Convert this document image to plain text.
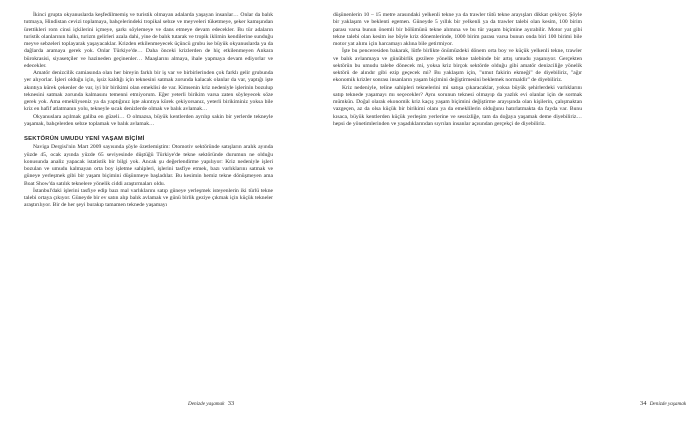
İkinci grupta okyanuslarda keşfedilmemiş ve turistik olmayan adalarda yaşayan insanlar… Onlar da balık tutmaya, Hindistan cevizi toplamaya, bahçelerindeki tropikal sebze ve meyveleri tüketmeye, şeker kamışından ürettikleri rom cinsi içkilerini içmeye, şarkı söylemeye ve dans etmeye devam edecekler. Bu tür adaların turistik olanlarının halkı, turizm gelirleri azala dahi, yine de balık tutarak ve tropik iklimin kendilerine sunduğu meyve sebzeleri toplayarak yaşayacaklar. Krizden etkilenmeyecek üçüncü grubu ise büyük okyanuslarda ya da dağlarda aramaya gerek yok. Onlar Türkiye'de… Daha önceki krizlerden de hiç etkilenmeyen Ankara bürokrasisi, siyasetçiler ve hazineden geçinenler… Maaşlarını almaya, ihale yapmaya devam ediyorlar ve edecekler.

Amatör denizcilik camiasında olan her bireyin farklı bir iş var ve birbirlerinden çok farklı gelir grubunda yer alıyorlar. İşleri olduğu için, işsiz kaldığı için teknesini satmak zorunda kalacak olanlar da var, yaptığı işte akıntıya kürek çekenler de var, iyi bir birikimi olan emeklisi de var. Kimsenin kriz nedeniyle işlerinin bozulup teknesini satmak zorunda kalmasını temenni etmiyorum. Eğer yeterli birikim varsa zaten söyleyecek söze gerek yok. Ama emekliyseniz ya da yaptığınız işte akıntıya kürek çekiyorsanız, yeterli birikiminiz yoksa bile kriz en hafif atlatmanın yolu, tekneyle sıcak denizlerde olmak ve balık avlamak…

Okyanuslara açılmak galiba en güzeli… O olmazsa, büyük kentlerden ayrılıp sakin bir yerlerde tekneyle yaşamak, bahçelerden sebze toplamak ve balık avlamak…

SEKTÖRÜN UMUDU YENİ YAŞAM BİÇİMİ

Naviga Dergisi'nin Mart 2009 sayısında şöyle özetlemiştim: Otomotiv sektöründe satışların aralık ayında yüzde 45, ocak ayında yüzde 65 seviyesinde düştüğü Türkiye'de tekne sektöründe durumun ne olduğu konusunda analiz yapacak istatistik bir bilgi yok. Ancak şu değerlendirme yapılıyor: Kriz nedeniyle işleri bozulan ve umudu kalmayan orta boy işletme sahipleri, işlerini tasfiye etmek, bazı varlıklarını satmak ve güneye yerleşmek gibi bir yaşam biçimini düşünmeye başladılar. Bu kesimin hemiz tekne dönüşmeyen ama Boat Show'da satılık teknelere yönelik ciddi araştırmaları oldu.

İstanbul'daki işlerini tasfiye edip bazı mal varlıklarını satıp güneye yerleşmek isteyenlerin iki türlü tekne talebi ortaya çıkıyor. Güneyde bir ev satın alıp balık avlamak ve günü birlik geziye çıkmak için küçük tekneler araştırılıyor. Bir de her şeyi burakıp tamamen teknede yaşamayı

Denizde yaşamak 33

düşünenlerin 10 – 15 metre arasındaki yelkenli tekne ya da trawler tütü tekne arayışları dikkat çekiyor. Şöyle bir yaklaşım ve beklenti egemen. Güneyde 5 yıllık bir yelkenli ya da trawler talebi olan kesim, 100 birim parası varsa bunun önemli bir bölümünü tekne alımına ve bu tür yaşam biçimine ayırabilir. Motor yat gibi tekne talebi olan kesim ise böyle kriz dönemlerinde, 1000 birim parası varsa bunun onda biri 100 birimi bile motor yat alımı için harcamayı aklına bile getirmiyor.

İşte bu penceresiden bakarak, lütfe birlikte önümüzdeki dönem orta boy ve küçük yelkenli tekne, trawler ve balık avlanmaya ve günübirlik gezilere yönelik tekne talebinde bir artış umudu yaşanıyor. Gerçekten sektörün bu umudu talebe dönecek mi, yoksa kriz birçok sektörde olduğu gibi amatör denizciliğe yönelik sektörü de alındır gibi ezip geçecek mi? Bu yaklaşım için, "umut fakirin ekmeği" de diyebiliriz, "ağır ekonomik krizler sonrası insanların yaşam biçimini değiştirmesini beklemek normaldir" de diyebiliriz.

Kriz nedeniyle, teline sahipleri teknelerini mi satışa çıkaracaklar, yoksa büyük şehirlerdeki varlıklarını satıp teknede yaşamayı mı seçecekler? Aynı sorunun teknesi olmayıp da yazlık evi olanlar için de sormak mümkün. Doğal olarak ekonomik kriz kaçış yaşam biçimini değiştirme arayışında olan kişilerin, çalışmaktan vazgeçen, az da olsa küçük bir birikimi olanı ya da emeklilerin olduğunu hatırlatmakta da fayda var. Bunu kısaca, büyük kentlerden küçük yerleşim yerlerine ve sessizliğe, tam da doğaya yaşamak deme diyebiliriz… hepsi de yönetimlerinden ve yaşadıklarından sıyrılan insanlar açısından gerçekçi de diyebiliriz.

34 Denizde yaşamak
